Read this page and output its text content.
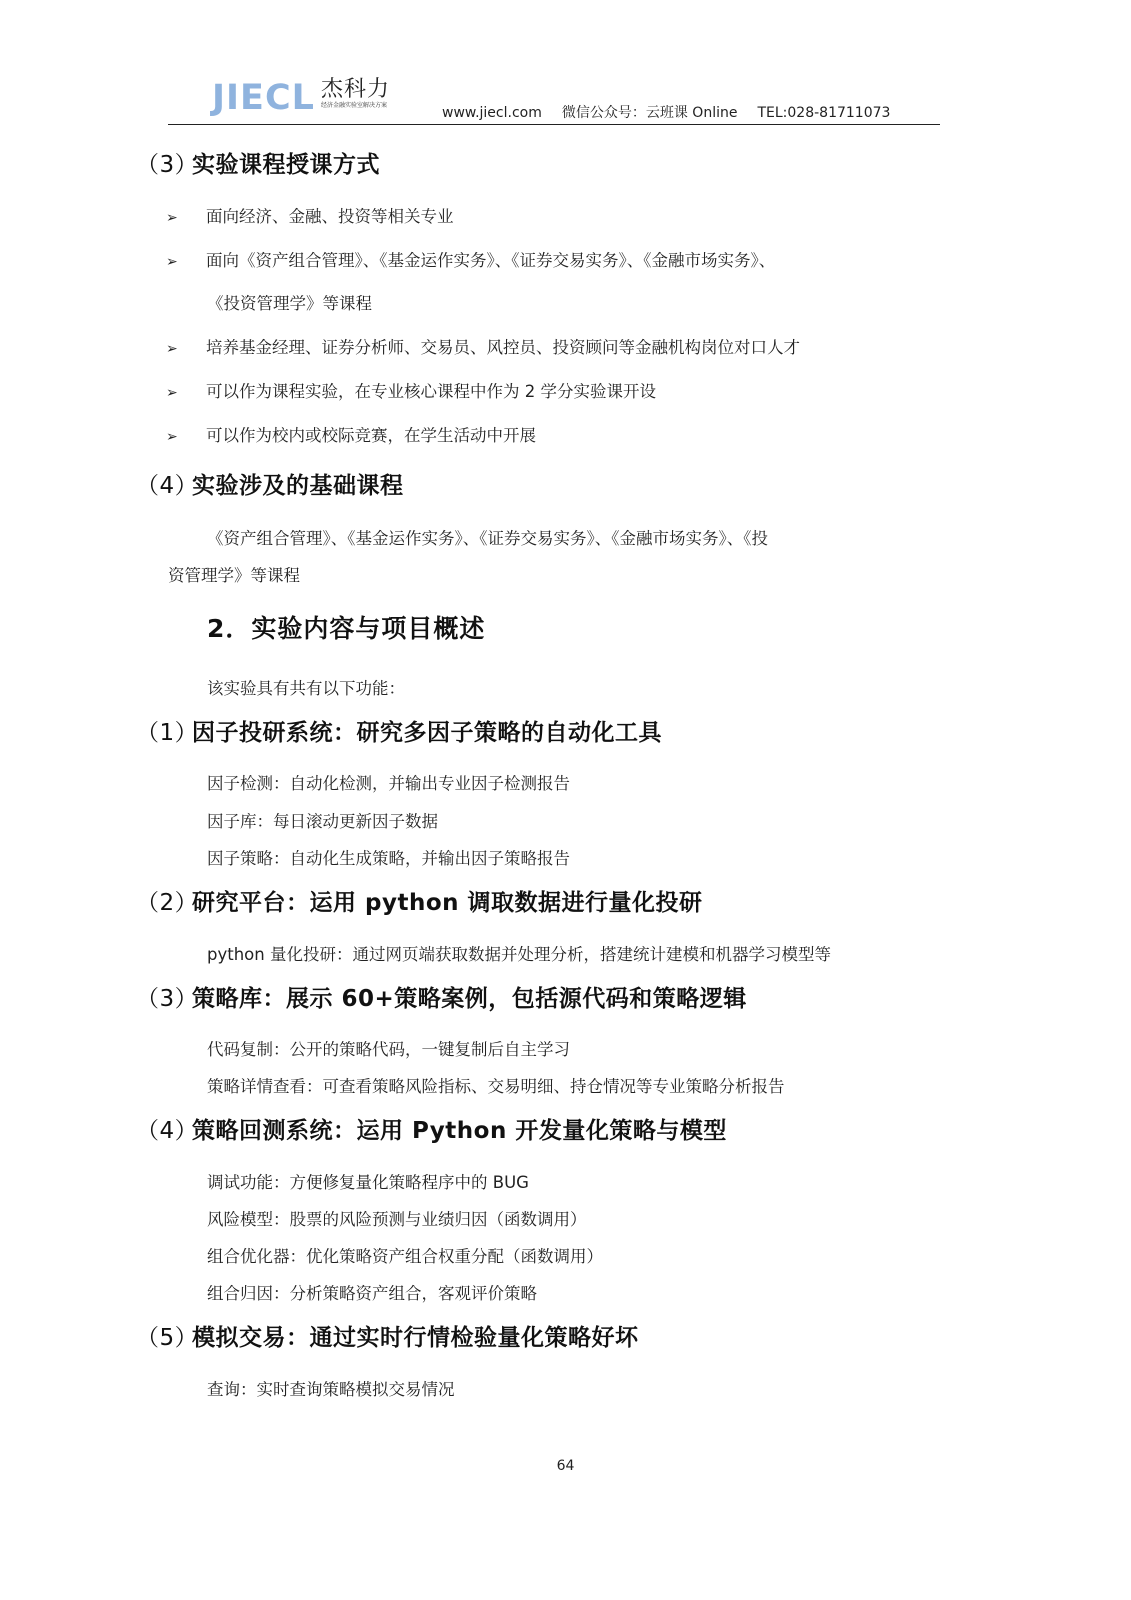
JIECL 杰科力
经济金融实验室解决方案	www.jiecl.com 微信公众号：云班课 Online TEL:028-81711073
（3）实验课程授课方式
➢ 面向经济、金融、投资等相关专业
➢ 面向《资产组合管理》、《基金运作实务》、《证券交易实务》、《金融市场实务》、
《投资管理学》等课程
➢ 培养基金经理、证券分析师、交易员、风控员、投资顾问等金融机构岗位对口人才
➢ 可以作为课程实验，在专业核心课程中作为 2 学分实验课开设
➢ 可以作为校内或校际竞赛，在学生活动中开展
（4）实验涉及的基础课程
《资产组合管理》、《基金运作实务》、《证券交易实务》、《金融市场实务》、《投
资管理学》等课程
2．实验内容与项目概述
该实验具有共有以下功能：
（1）因子投研系统：研究多因子策略的自动化工具
因子检测：自动化检测，并输出专业因子检测报告
因子库：每日滚动更新因子数据
因子策略：自动化生成策略，并输出因子策略报告
（2）研究平台：运用 python 调取数据进行量化投研
python 量化投研：通过网页端获取数据并处理分析，搭建统计建模和机器学习模型等
（3）策略库：展示 60+策略案例，包括源代码和策略逻辑
代码复制：公开的策略代码，一键复制后自主学习
策略详情查看：可查看策略风险指标、交易明细、持仓情况等专业策略分析报告
（4）策略回测系统：运用 Python 开发量化策略与模型
调试功能：方便修复量化策略程序中的 BUG
风险模型：股票的风险预测与业绩归因（函数调用）
组合优化器：优化策略资产组合权重分配（函数调用）
组合归因：分析策略资产组合，客观评价策略
（5）模拟交易：通过实时行情检验量化策略好坏
查询：实时查询策略模拟交易情况
64
